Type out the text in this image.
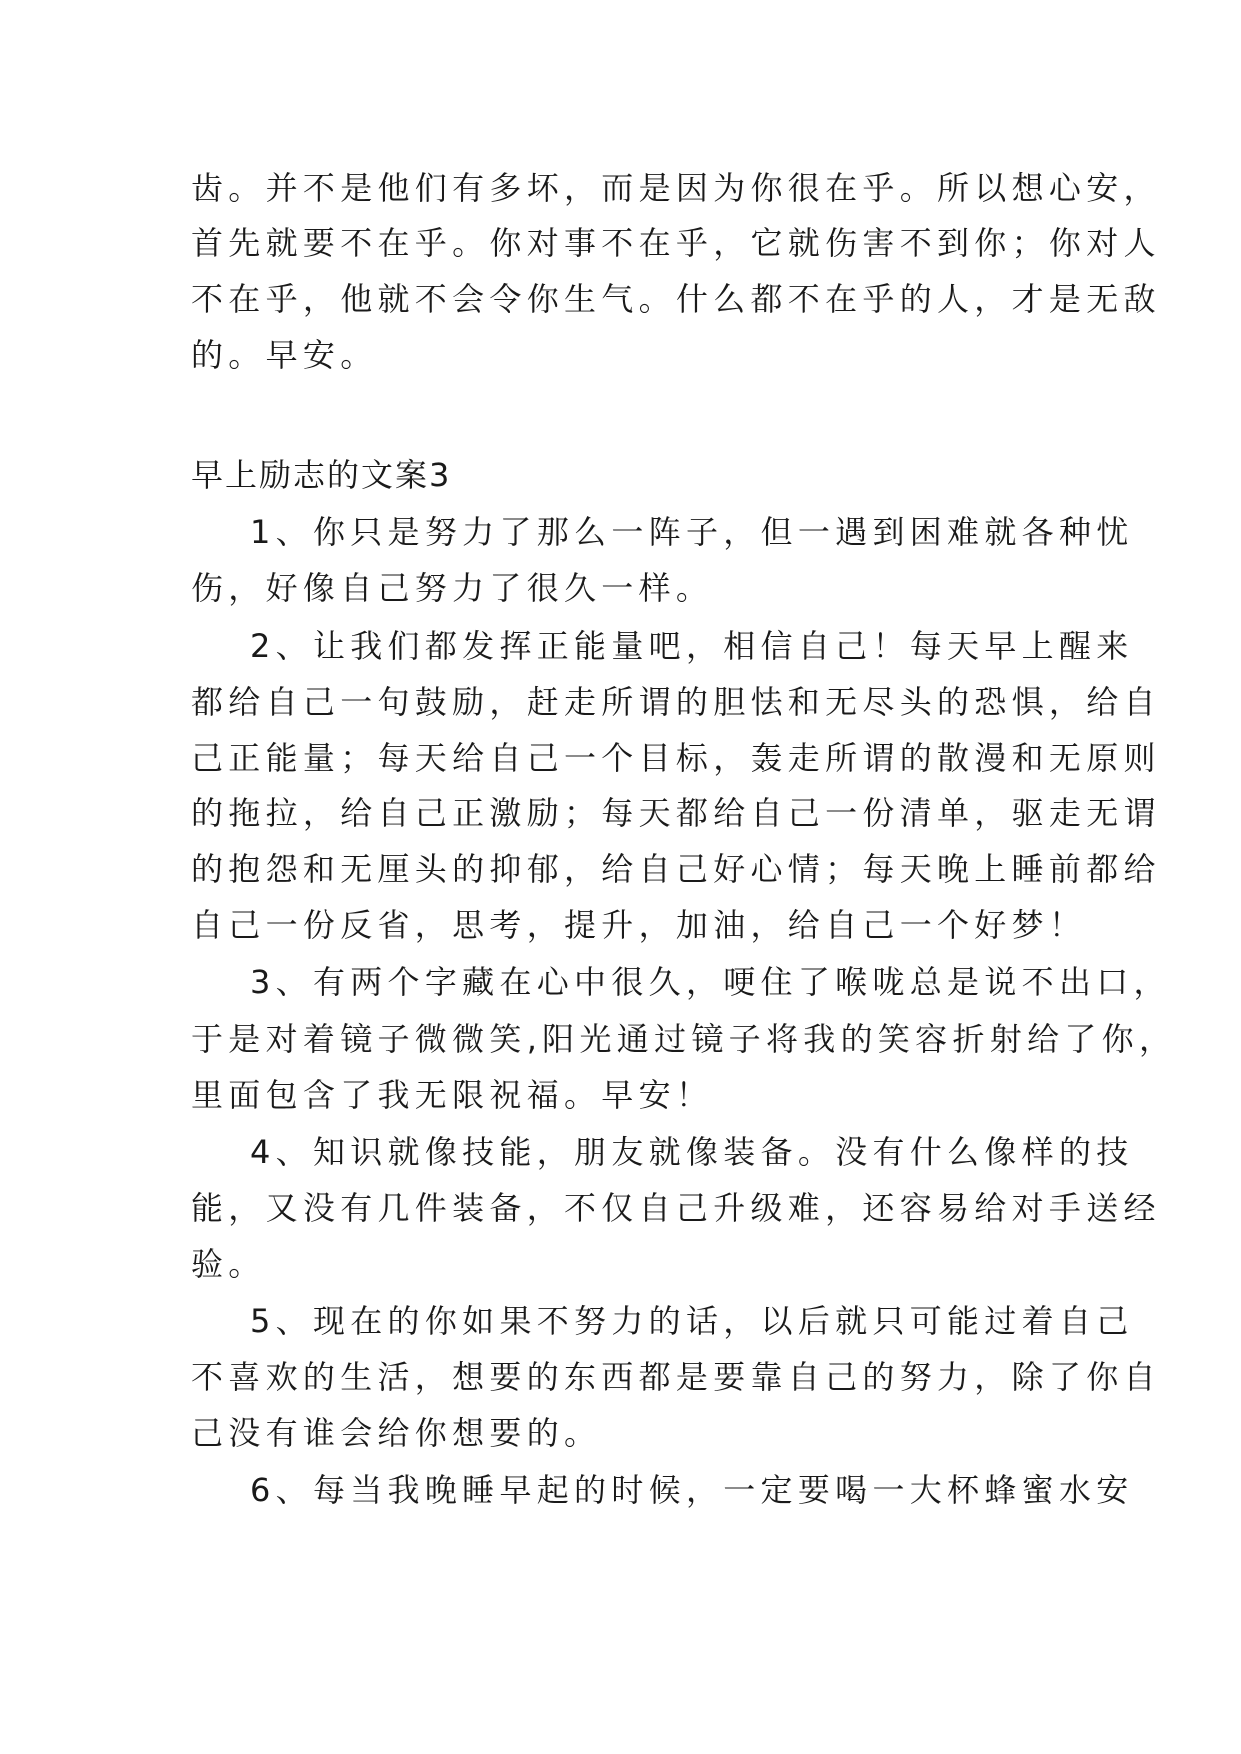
齿。并不是他们有多坏，而是因为你很在乎。所以想心安，
首先就要不在乎。你对事不在乎，它就伤害不到你；你对人
不在乎，他就不会令你生气。什么都不在乎的人，才是无敌
的。早安。
早上励志的文案3
1、你只是努力了那么一阵子，但一遇到困难就各种忧
伤，好像自己努力了很久一样。
2、让我们都发挥正能量吧，相信自己！每天早上醒来
都给自己一句鼓励，赶走所谓的胆怯和无尽头的恐惧，给自
己正能量；每天给自己一个目标，轰走所谓的散漫和无原则
的拖拉，给自己正激励；每天都给自己一份清单，驱走无谓
的抱怨和无厘头的抑郁，给自己好心情；每天晚上睡前都给
自己一份反省，思考，提升，加油，给自己一个好梦！
3、有两个字藏在心中很久，哽住了喉咙总是说不出口，
于是对着镜子微微笑,阳光通过镜子将我的笑容折射给了你，
里面包含了我无限祝福。早安！
4、知识就像技能，朋友就像装备。没有什么像样的技
能，又没有几件装备，不仅自己升级难，还容易给对手送经
验。
5、现在的你如果不努力的话，以后就只可能过着自己
不喜欢的生活，想要的东西都是要靠自己的努力，除了你自
己没有谁会给你想要的。
6、每当我晚睡早起的时候，一定要喝一大杯蜂蜜水安
